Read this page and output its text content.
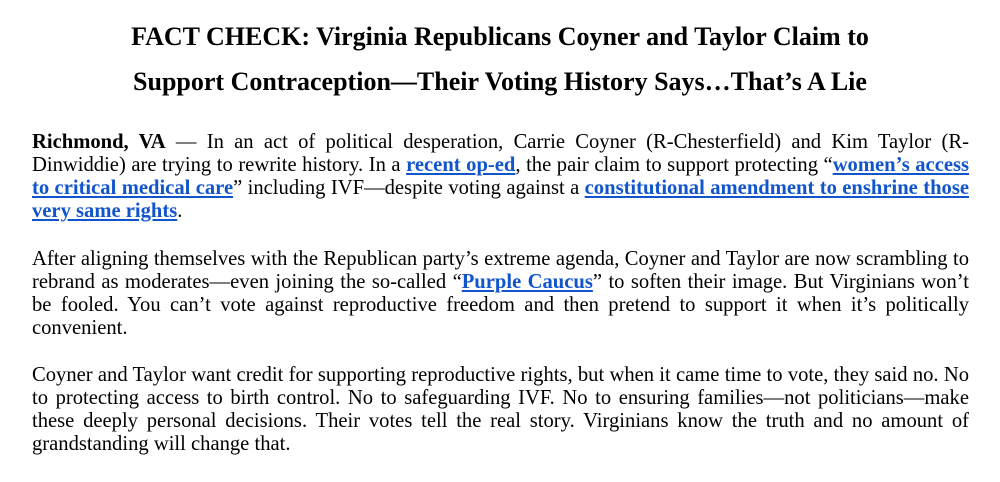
FACT CHECK: Virginia Republicans Coyner and Taylor Claim to
Support Contraception—Their Voting History Says…That’s A Lie

Richmond, VA — In an act of political desperation, Carrie Coyner (R-Chesterfield) and Kim Taylor (R-Dinwiddie) are trying to rewrite history. In a recent op-ed, the pair claim to support protecting “women’s access to critical medical care” including IVF—despite voting against a constitutional amendment to enshrine those very same rights.

After aligning themselves with the Republican party’s extreme agenda, Coyner and Taylor are now scrambling to rebrand as moderates—even joining the so-called “Purple Caucus” to soften their image. But Virginians won’t be fooled. You can’t vote against reproductive freedom and then pretend to support it when it’s politically convenient.

Coyner and Taylor want credit for supporting reproductive rights, but when it came time to vote, they said no. No to protecting access to birth control. No to safeguarding IVF. No to ensuring families—not politicians—make these deeply personal decisions. Their votes tell the real story. Virginians know the truth and no amount of grandstanding will change that.
